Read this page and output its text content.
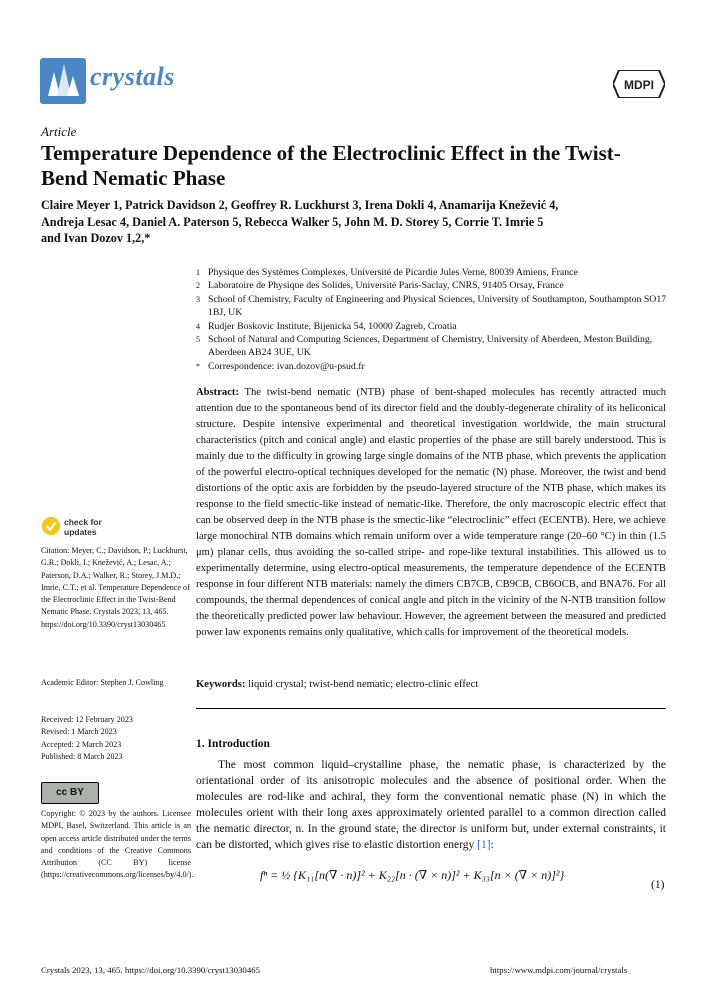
crystals	MDPI
Article
Temperature Dependence of the Electroclinic Effect in the Twist-Bend Nematic Phase
Claire Meyer 1, Patrick Davidson 2, Geoffrey R. Luckhurst 3, Irena Dokli 4, Anamarija Knežević 4,
Andreja Lesac 4, Daniel A. Paterson 5, Rebecca Walker 5, John M. D. Storey 5, Corrie T. Imrie 5
and Ivan Dozov 1,2,*
1 Physique des Systèmes Complexes, Université de Picardie Jules Verne, 80039 Amiens, France
2 Laboratoire de Physique des Solides, Université Paris-Saclay, CNRS, 91405 Orsay, France
3 School of Chemistry, Faculty of Engineering and Physical Sciences, University of Southampton, Southampton SO17 1BJ, UK
4 Rudjer Boskovic Institute, Bijenicka 54, 10000 Zagreb, Croatia
5 School of Natural and Computing Sciences, Department of Chemistry, University of Aberdeen, Meston Building, Aberdeen AB24 3UE, UK
* Correspondence: ivan.dozov@u-psud.fr
Abstract: The twist-bend nematic (NTB) phase of bent-shaped molecules has recently attracted much attention due to the spontaneous bend of its director field and the doubly-degenerate chirality of its heliconical structure. Despite intensive experimental and theoretical investigation worldwide, the main structural characteristics (pitch and conical angle) and elastic properties of the phase are still barely understood. This is mainly due to the difficulty in growing large single domains of the NTB phase, which prevents the application of the powerful electro-optical techniques developed for the nematic (N) phase. Moreover, the twist and bend distortions of the optic axis are forbidden by the pseudo-layered structure of the NTB phase, which makes its response to the field smectic-like instead of nematic-like. Therefore, the only macroscopic electric effect that can be observed deep in the NTB phase is the smectic-like “electroclinic” effect (ECENTB). Here, we achieve large monochiral NTB domains which remain uniform over a wide temperature range (20–60 °C) in thin (1.5 μm) planar cells, thus avoiding the so-called stripe- and rope-like textural instabilities. This allowed us to experimentally determine, using electro-optical measurements, the temperature dependence of the ECENTB response in four different NTB materials: namely the dimers CB7CB, CB9CB, CB6OCB, and BNA76. For all compounds, the thermal dependences of conical angle and pitch in the vicinity of the N-NTB transition follow the theoretically predicted power law behaviour. However, the agreement between the measured and predicted power law exponents remains only qualitative, which calls for improvement of the theoretical models.
Keywords: liquid crystal; twist-bend nematic; electro-clinic effect
check for updates
Citation: Meyer, C.; Davidson, P.; Luckhurst, G.R.; Dokli, I.; Knežević, A.; Lesac, A.; Paterson, D.A.; Walker, R.; Storey, J.M.D.; Imrie, C.T.; et al. Temperature Dependence of the Electroclinic Effect in the Twist-Bend Nematic Phase. Crystals 2023, 13, 465. https://doi.org/10.3390/cryst13030465
Academic Editor: Stephen J. Cowling
Received: 12 February 2023
Revised: 1 March 2023
Accepted: 2 March 2023
Published: 8 March 2023
cc BY
Copyright: © 2023 by the authors. Licensee MDPI, Basel, Switzerland. This article is an open access article distributed under the terms and conditions of the Creative Commons Attribution (CC BY) license (https://creativecommons.org/licenses/by/4.0/).
1. Introduction
The most common liquid–crystalline phase, the nematic phase, is characterized by the orientational order of its anisotropic molecules and the absence of positional order. When the molecules are rod-like and achiral, they form the conventional nematic phase (N) in which the molecules orient with their long axes approximately oriented parallel to a common direction called the nematic director, n. In the ground state, the director is uniform but, under external constraints, it can be distorted, which gives rise to elastic distortion energy [1]:
fⁿ = ½ {K₁₁[n(∇ · n)]² + K₂₂[n · (∇ × n)]² + K₃₃[n × (∇ × n)]²}
(1)
Crystals 2023, 13, 465. https://doi.org/10.3390/cryst13030465	https://www.mdpi.com/journal/crystals
